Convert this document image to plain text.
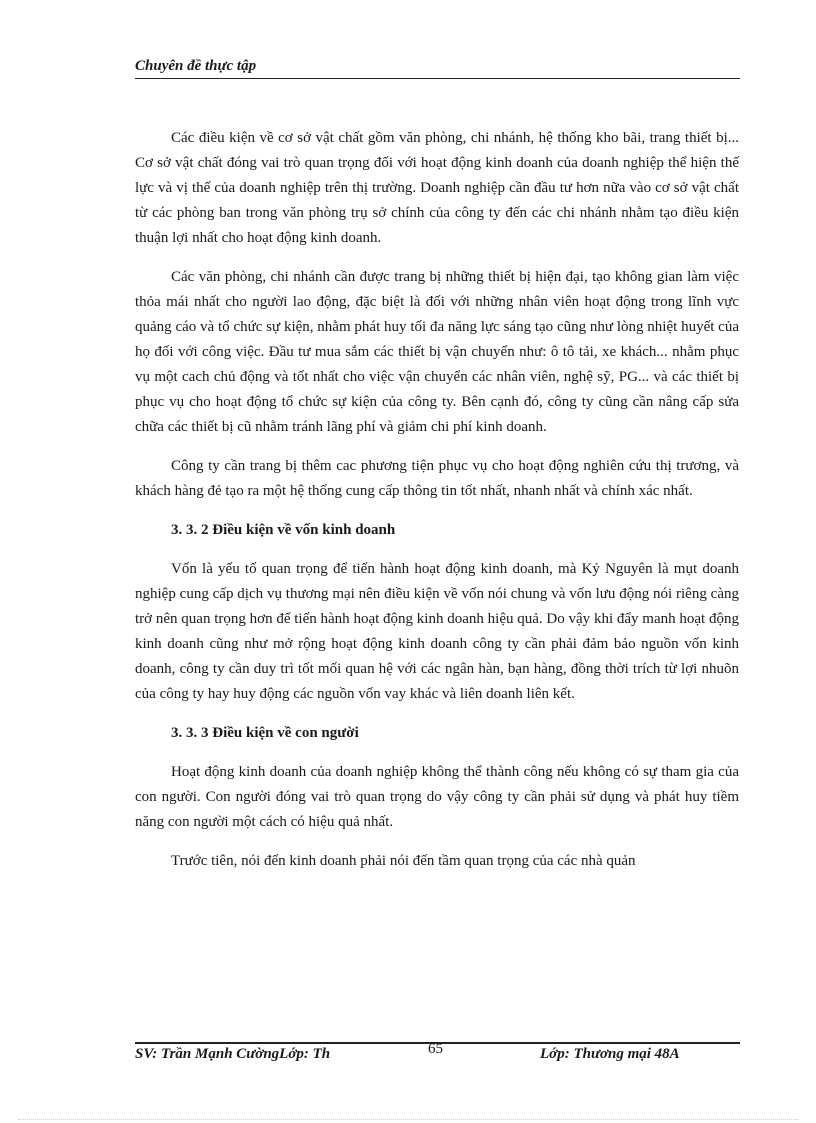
Chuyên đề thực tập

Các điều kiện về cơ sở vật chất gồm văn phòng, chi nhánh, hệ thống kho bãi, trang thiết bị... Cơ sở vật chất đóng vai trò quan trọng đối với hoạt động kinh doanh của doanh nghiệp thể hiện thế lực và vị thế của doanh nghiệp trên thị trường. Doanh nghiệp cần đầu tư hơn nữa vào cơ sở vật chất từ các phòng ban trong văn phòng trụ sở chính của công ty đến các chi nhánh nhằm tạo điều kiện thuận lợi nhất cho hoạt động kinh doanh.

Các văn phòng, chi nhánh cần được trang bị những thiết bị hiện đại, tạo không gian làm việc thỏa mái nhất cho người lao động, đặc biệt là đối với những nhân viên hoạt động trong lĩnh vực quảng cáo và tổ chức sự kiện, nhằm phát huy tối đa năng lực sáng tạo cũng như lòng nhiệt huyết của họ đối với công việc. Đầu tư mua sắm các thiết bị vận chuyển như: ô tô tải, xe khách... nhằm phục vụ một cach chủ động và tốt nhất cho việc vận chuyển các nhân viên, nghệ sỹ, PG... và các thiết bị phục vụ cho hoạt động tổ chức sự kiện của công ty. Bên cạnh đó, công ty cũng cần nâng cấp sửa chữa các thiết bị cũ nhằm tránh lãng phí và giảm chi phí kinh doanh.

Công ty cần trang bị thêm cac phương tiện phục vụ cho hoạt động nghiên cứu thị trương, và khách hàng đẻ tạo ra một hệ thống cung cấp thông tin tốt nhất, nhanh nhất và chính xác nhất.

3. 3. 2 Điều kiện về vốn kinh doanh

Vốn là yếu tố quan trọng để tiến hành hoạt động kinh doanh, mà Kỷ Nguyên là mụt doanh nghiệp cung cấp dịch vụ thương mại nên điều kiện về vốn nói chung và vốn lưu động nói riêng càng trở nên quan trọng hơn để tiến hành hoạt động kinh doanh hiệu quả. Do vậy khi đẩy manh hoạt động kinh doanh cũng như mở rộng hoạt động kinh doanh công ty cần phải đảm bảo nguồn vốn kinh doanh, công ty cần duy trì tốt mối quan hệ với các ngân hàn, bạn hàng, đồng thời trích từ lợi nhuõn của công ty hay huy động các nguồn vốn vay khác và liên doanh liên kết.

3. 3. 3 Điều kiện về con người

Hoạt động kinh doanh của doanh nghiệp không thể thành công nếu không có sự tham gia của con người. Con người đóng vai trò quan trọng do vậy công ty cần phải sử dụng và phát huy tiềm năng con người một cách có hiệu quả nhất.

Trước tiên, nói đến kinh doanh phải nói đến tầm quan trọng của các nhà quản

SV: Trần Mạnh CườngLớp: Th	65	Lớp: Thương mại 48A
